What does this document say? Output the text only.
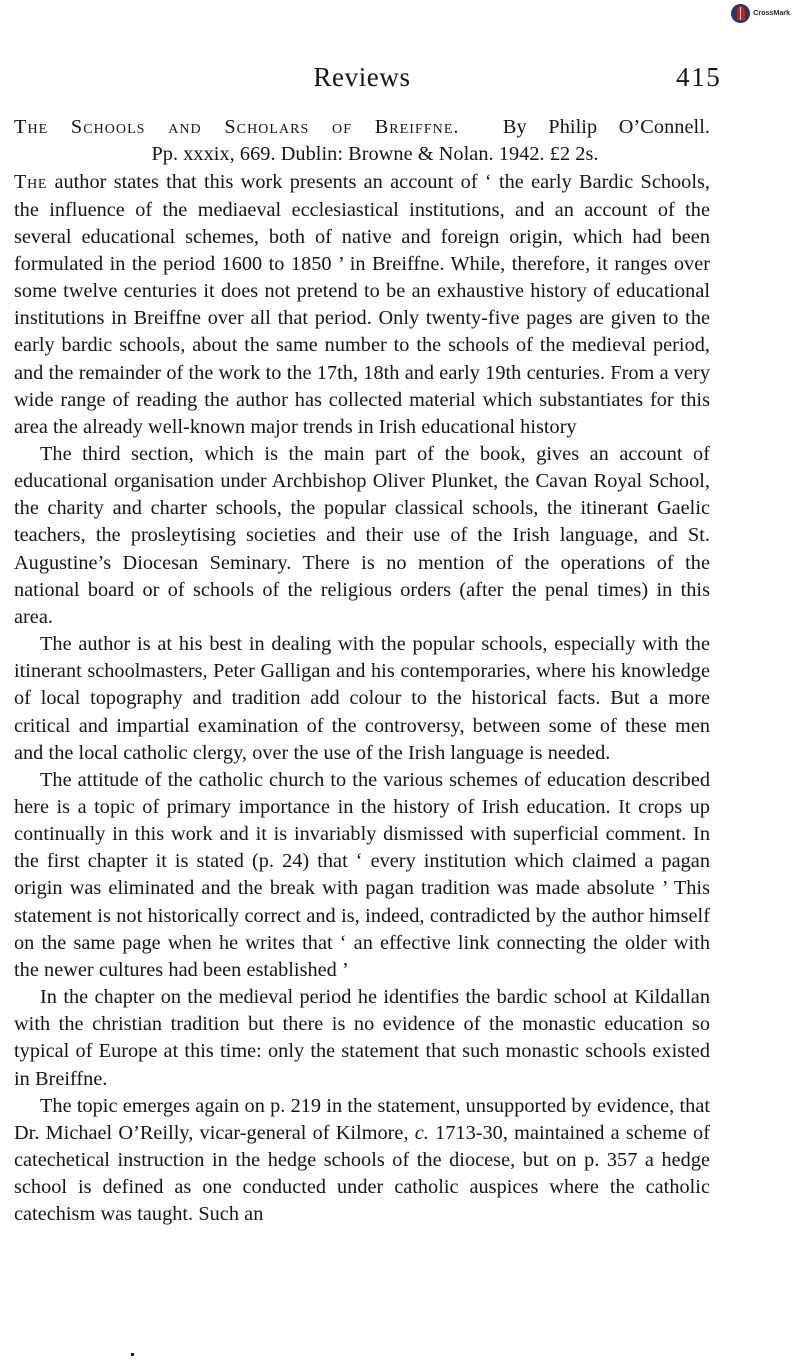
CrossMark
Reviews	415
The Schools and Scholars of Breiffne. By Philip O’Connell.
Pp. xxxix, 669. Dublin: Browne & Nolan. 1942. £2 2s.

The author states that this work presents an account of ‘ the early Bardic Schools, the influence of the mediaeval ecclesiastical institutions, and an account of the several educational schemes, both of native and foreign origin, which had been formulated in the period 1600 to 1850 ’ in Breiffne. While, therefore, it ranges over some twelve centuries it does not pretend to be an exhaustive history of educational institutions in Breiffne over all that period. Only twenty-five pages are given to the early bardic schools, about the same number to the schools of the medieval period, and the remainder of the work to the 17th, 18th and early 19th centuries. From a very wide range of reading the author has collected material which substantiates for this area the already well-known major trends in Irish educational history

The third section, which is the main part of the book, gives an account of educational organisation under Archbishop Oliver Plunket, the Cavan Royal School, the charity and charter schools, the popular classical schools, the itinerant Gaelic teachers, the prosleytising societies and their use of the Irish language, and St. Augustine’s Diocesan Seminary. There is no mention of the operations of the national board or of schools of the religious orders (after the penal times) in this area.

The author is at his best in dealing with the popular schools, especially with the itinerant schoolmasters, Peter Galligan and his contemporaries, where his knowledge of local topography and tradition add colour to the historical facts. But a more critical and impartial examination of the controversy, between some of these men and the local catholic clergy, over the use of the Irish language is needed.

The attitude of the catholic church to the various schemes of education described here is a topic of primary importance in the history of Irish education. It crops up continually in this work and it is invariably dismissed with superficial comment. In the first chapter it is stated (p. 24) that ‘ every institution which claimed a pagan origin was eliminated and the break with pagan tradition was made absolute ’ This statement is not historically correct and is, indeed, contradicted by the author himself on the same page when he writes that ‘ an effective link connecting the older with the newer cultures had been established ’

In the chapter on the medieval period he identifies the bardic school at Kildallan with the christian tradition but there is no evidence of the monastic education so typical of Europe at this time: only the statement that such monastic schools existed in Breiffne.

The topic emerges again on p. 219 in the statement, unsupported by evidence, that Dr. Michael O’Reilly, vicar-general of Kilmore, c. 1713-30, maintained a scheme of catechetical instruction in the hedge schools of the diocese, but on p. 357 a hedge school is defined as one conducted under catholic auspices where the catholic catechism was taught. Such an
